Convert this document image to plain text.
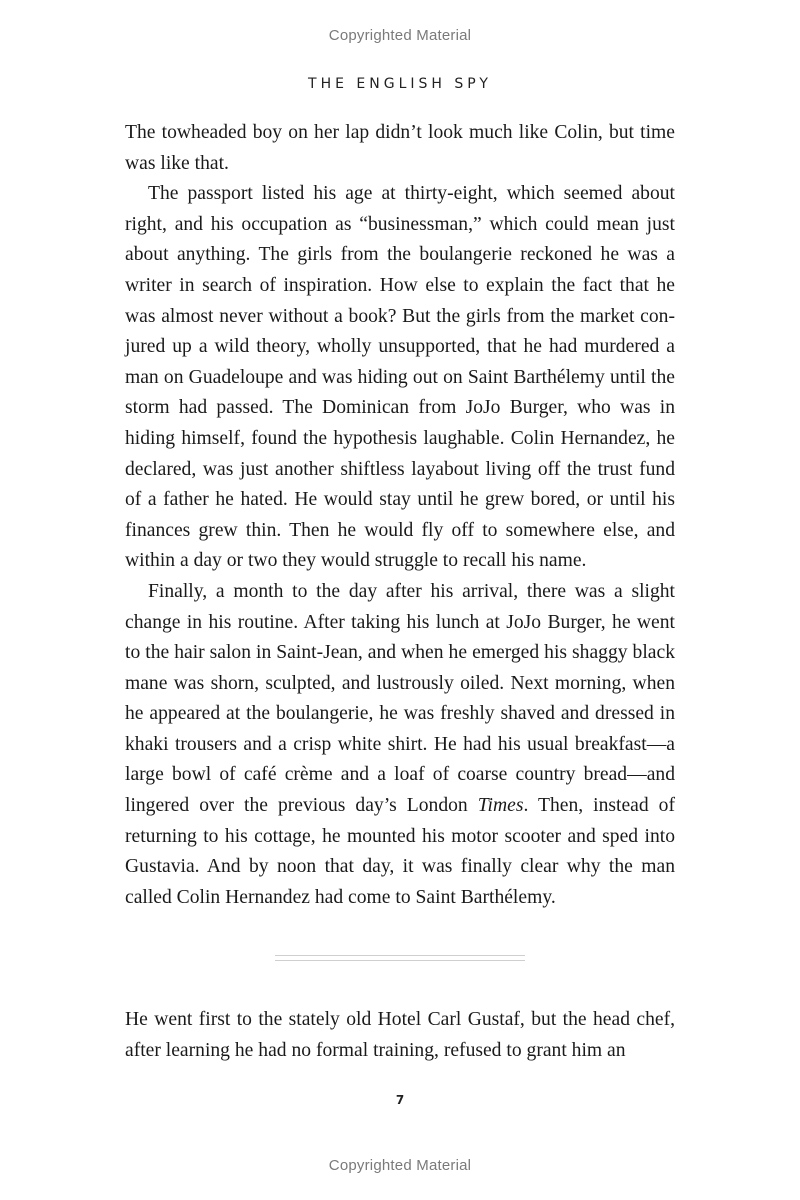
Copyrighted Material
THE ENGLISH SPY

The towheaded boy on her lap didn’t look much like Colin, but time was like that.

The passport listed his age at thirty-eight, which seemed about right, and his occupation as “businessman,” which could mean just about anything. The girls from the boulangerie reckoned he was a writer in search of inspiration. How else to explain the fact that he was almost never without a book? But the girls from the market conjured up a wild theory, wholly unsupported, that he had murdered a man on Guadeloupe and was hiding out on Saint Barthélemy until the storm had passed. The Dominican from JoJo Burger, who was in hiding himself, found the hypothesis laughable. Colin Hernandez, he declared, was just another shiftless layabout living off the trust fund of a father he hated. He would stay until he grew bored, or until his finances grew thin. Then he would fly off to somewhere else, and within a day or two they would struggle to recall his name.

Finally, a month to the day after his arrival, there was a slight change in his routine. After taking his lunch at JoJo Burger, he went to the hair salon in Saint-Jean, and when he emerged his shaggy black mane was shorn, sculpted, and lustrously oiled. Next morning, when he appeared at the boulangerie, he was freshly shaved and dressed in khaki trousers and a crisp white shirt. He had his usual breakfast—a large bowl of café crème and a loaf of coarse country bread—and lingered over the previous day’s London Times. Then, instead of returning to his cottage, he mounted his motor scooter and sped into Gustavia. And by noon that day, it was finally clear why the man called Colin Hernandez had come to Saint Barthélemy.

He went first to the stately old Hotel Carl Gustaf, but the head chef, after learning he had no formal training, refused to grant him an

7
Copyrighted Material
